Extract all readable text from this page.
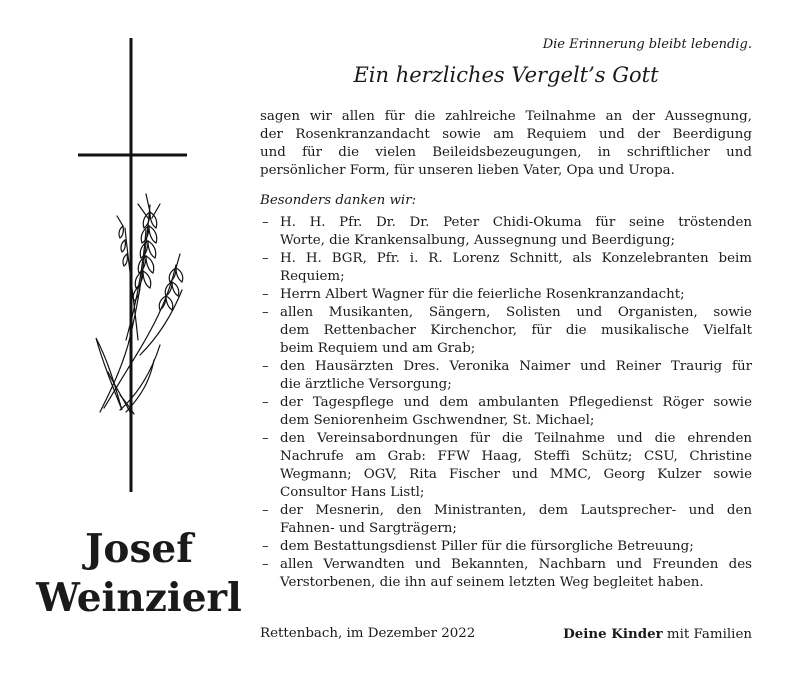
Josef
Weinzierl
Die Erinnerung bleibt lebendig.
Ein herzliches Vergelt’s Gott
sagen wir allen für die zahlreiche Teilnahme an der Aussegnung,
der Rosenkranzandacht sowie am Requiem und der Beerdigung
und für die vielen Beileidsbezeugungen, in schriftlicher und
persönlicher Form, für unseren lieben Vater, Opa und Uropa.
Besonders danken wir:
– H. H. Pfr. Dr. Dr. Peter Chidi-Okuma für seine tröstenden
Worte, die Krankensalbung, Aussegnung und Beerdigung;
– H. H. BGR, Pfr. i. R. Lorenz Schnitt, als Konzelebranten beim
Requiem;
– Herrn Albert Wagner für die feierliche Rosenkranzandacht;
– allen Musikanten, Sängern, Solisten und Organisten, sowie
dem Rettenbacher Kirchenchor, für die musikalische Vielfalt
beim Requiem und am Grab;
– den Hausärzten Dres. Veronika Naimer und Reiner Traurig für
die ärztliche Versorgung;
– der Tagespflege und dem ambulanten Pflegedienst Röger sowie
dem Seniorenheim Gschwendner, St. Michael;
– den Vereinsabordnungen für die Teilnahme und die ehrenden
Nachrufe am Grab: FFW Haag, Steffi Schütz; CSU, Christine
Wegmann; OGV, Rita Fischer und MMC, Georg Kulzer sowie
Consultor Hans Listl;
– der Mesnerin, den Ministranten, dem Lautsprecher- und den
Fahnen- und Sargträgern;
– dem Bestattungsdienst Piller für die fürsorgliche Betreuung;
– allen Verwandten und Bekannten, Nachbarn und Freunden des
Verstorbenen, die ihn auf seinem letzten Weg begleitet haben.
Rettenbach, im Dezember 2022	Deine Kinder mit Familien
